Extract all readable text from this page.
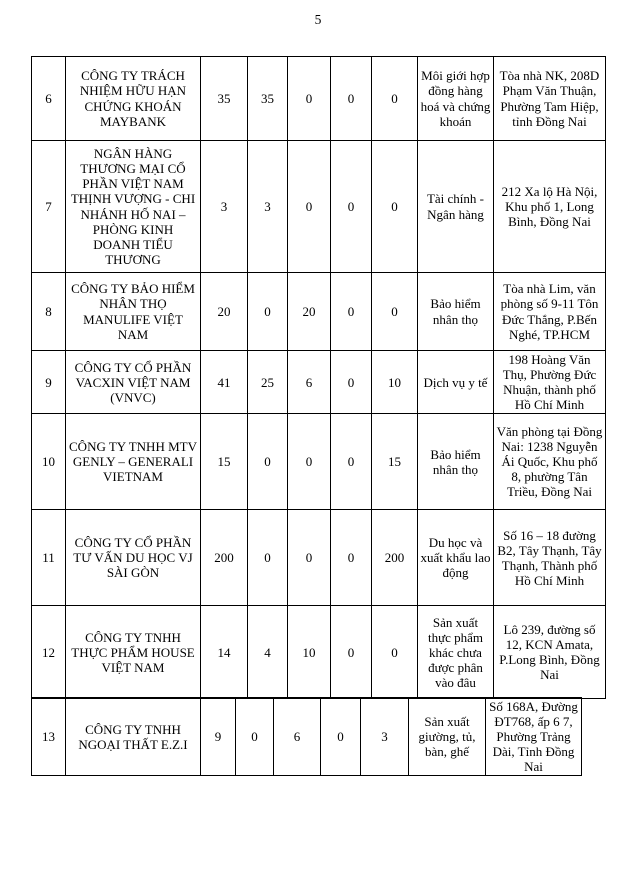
5
6	CÔNG TY TRÁCH NHIỆM HỮU HẠN CHỨNG KHOÁN MAYBANK	35	35	0	0	0	Môi giới hợp đồng hàng hoá và chứng khoán	Tòa nhà NK, 208D Phạm Văn Thuận, Phường Tam Hiệp, tỉnh Đồng Nai
7	NGÂN HÀNG THƯƠNG MẠI CỔ PHẦN VIỆT NAM THỊNH VƯỢNG - CHI NHÁNH HỐ NAI – PHÒNG KINH DOANH TIỂU THƯƠNG	3	3	0	0	0	Tài chính - Ngân hàng	212 Xa lộ Hà Nội, Khu phố 1, Long Bình, Đồng Nai
8	CÔNG TY BẢO HIỂM NHÂN THỌ MANULIFE VIỆT NAM	20	0	20	0	0	Bảo hiểm nhân thọ	Tòa nhà Lim, văn phòng số 9-11 Tôn Đức Thắng, P.Bến Nghé, TP.HCM
9	CÔNG TY CỔ PHẦN VACXIN VIỆT NAM (VNVC)	41	25	6	0	10	Dịch vụ y tế	198 Hoàng Văn Thụ, Phường Đức Nhuận, thành phố Hồ Chí Minh
10	CÔNG TY TNHH MTV GENLY – GENERALI VIETNAM	15	0	0	0	15	Bảo hiểm nhân thọ	Văn phòng tại Đồng Nai: 1238 Nguyễn Ái Quốc, Khu phố 8, phường Tân Triều, Đồng Nai
11	CÔNG TY CỔ PHẦN TƯ VẤN DU HỌC VJ SÀI GÒN	200	0	0	0	200	Du học và xuất khẩu lao động	Số 16 – 18 đường B2, Tây Thạnh, Tây Thạnh, Thành phố Hồ Chí Minh
12	CÔNG TY TNHH THỰC PHẨM HOUSE VIỆT NAM	14	4	10	0	0	Sản xuất thực phẩm khác chưa được phân vào đâu	Lô 239, đường số 12, KCN Amata, P.Long Bình, Đồng Nai
13	CÔNG TY TNHH NGOẠI THẤT E.Z.I	9	0	6	0	3	Sản xuất giường, tủ, bàn, ghế	Số 168A, Đường ĐT768, ấp 6 7, Phường Trảng Dài, Tỉnh Đồng Nai
